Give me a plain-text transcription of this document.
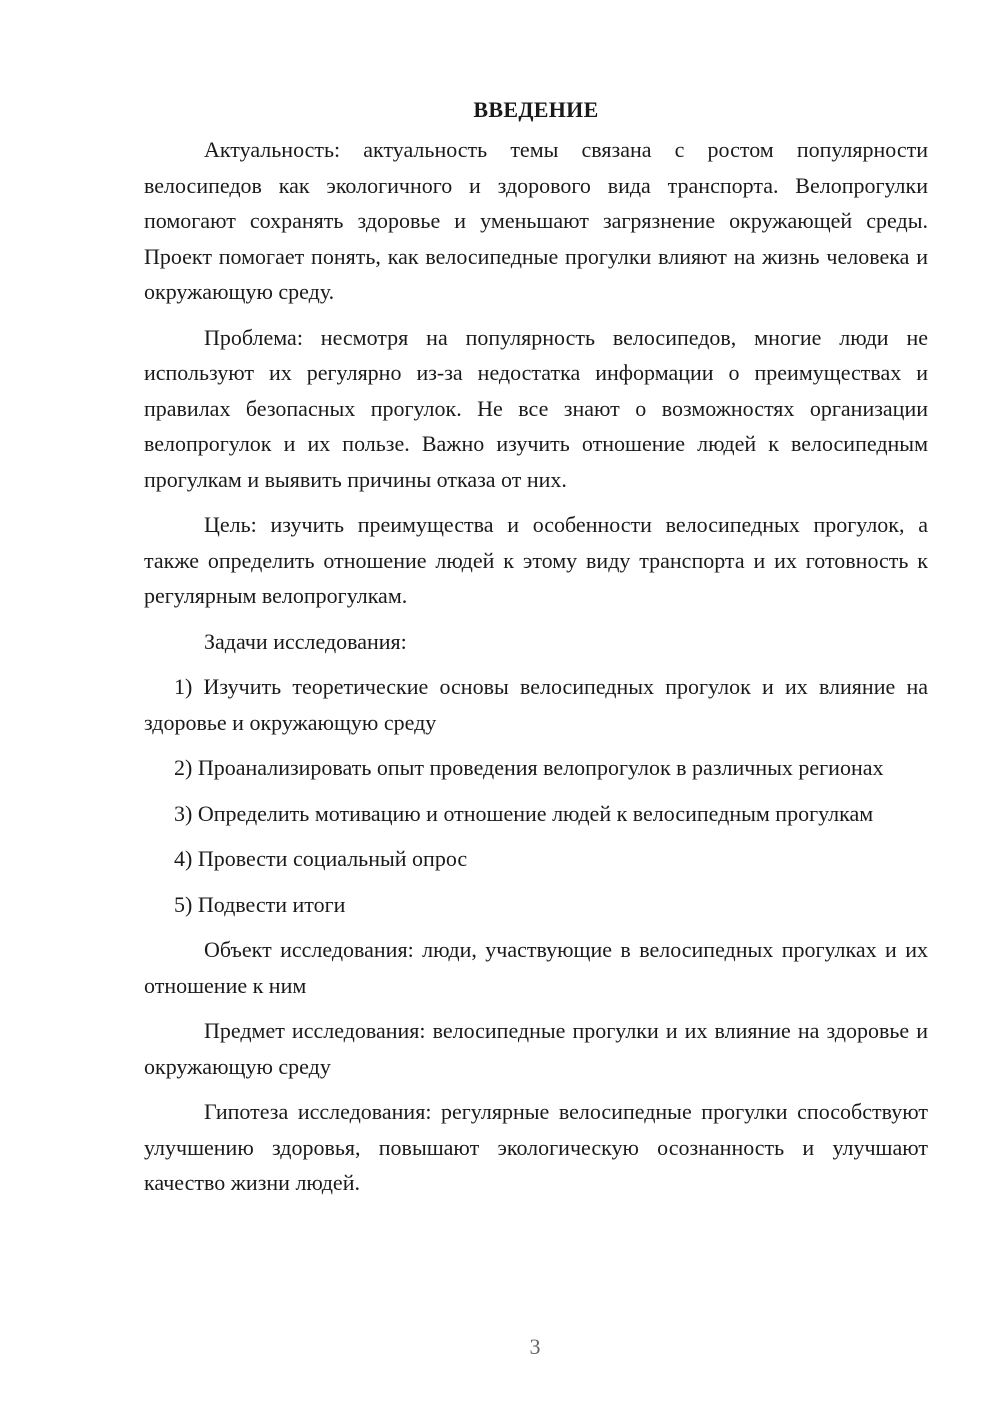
ВВЕДЕНИЕ

Актуальность: актуальность темы связана с ростом популярности велосипедов как экологичного и здорового вида транспорта. Велопрогулки помогают сохранять здоровье и уменьшают загрязнение окружающей среды. Проект помогает понять, как велосипедные прогулки влияют на жизнь человека и окружающую среду.

Проблема: несмотря на популярность велосипедов, многие люди не используют их регулярно из-за недостатка информации о преимуществах и правилах безопасных прогулок. Не все знают о возможностях организации велопрогулок и их пользе. Важно изучить отношение людей к велосипедным прогулкам и выявить причины отказа от них.

Цель: изучить преимущества и особенности велосипедных прогулок, а также определить отношение людей к этому виду транспорта и их готовность к регулярным велопрогулкам.

Задачи исследования:

1) Изучить теоретические основы велосипедных прогулок и их влияние на здоровье и окружающую среду

2) Проанализировать опыт проведения велопрогулок в различных регионах

3) Определить мотивацию и отношение людей к велосипедным прогулкам

4) Провести социальный опрос

5) Подвести итоги

Объект исследования: люди, участвующие в велосипедных прогулках и их отношение к ним

Предмет исследования: велосипедные прогулки и их влияние на здоровье и окружающую среду

Гипотеза исследования: регулярные велосипедные прогулки способствуют улучшению здоровья, повышают экологическую осознанность и улучшают качество жизни людей.

3
